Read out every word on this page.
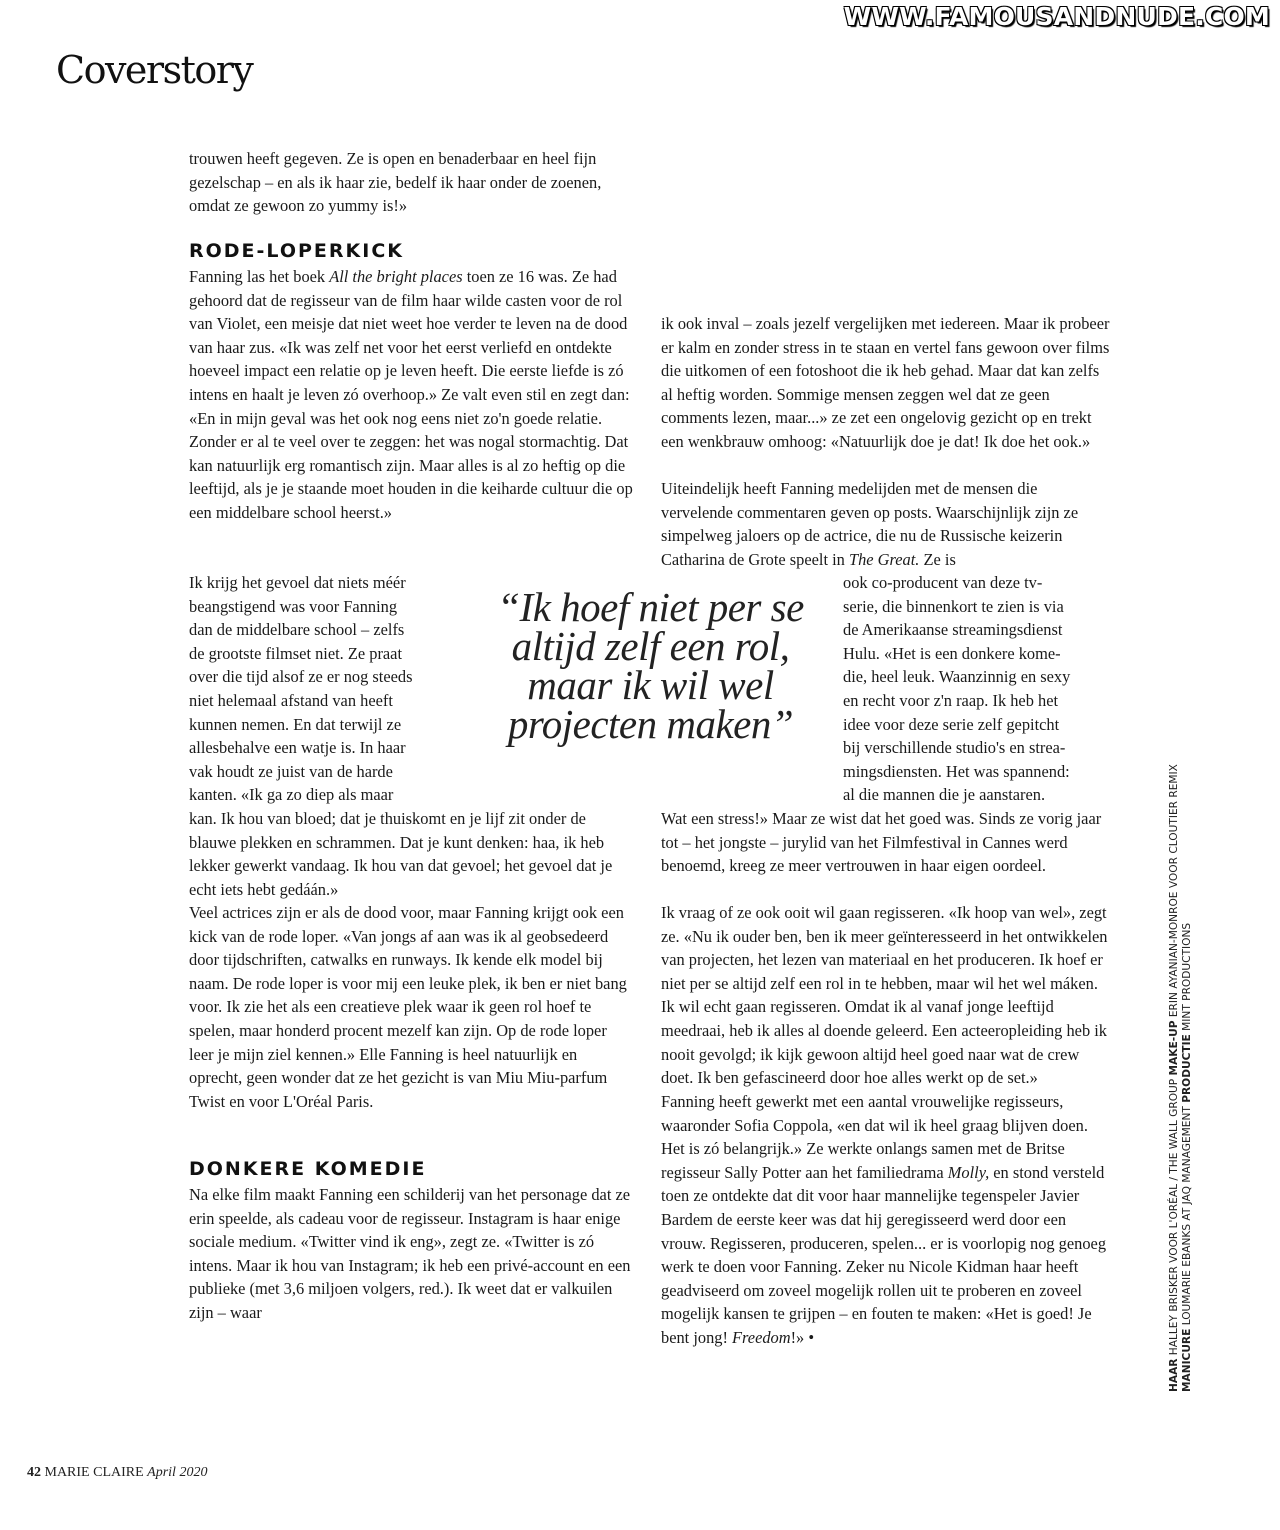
WWW.FAMOUSANDNUDE.COM
Coverstory

trouwen heeft gegeven. Ze is open en benaderbaar en heel fijn gezelschap – en als ik haar zie, bedelf ik haar onder de zoenen, omdat ze gewoon zo yummy is!»

RODE-LOPERKICK

Fanning las het boek All the bright places toen ze 16 was. Ze had gehoord dat de regisseur van de film haar wilde casten voor de rol van Violet, een meisje dat niet weet hoe verder te leven na de dood van haar zus. «Ik was zelf net voor het eerst verliefd en ontdekte hoeveel impact een relatie op je leven heeft. Die eerste liefde is zó intens en haalt je leven zó overhoop.» Ze valt even stil en zegt dan: «En in mijn geval was het ook nog eens niet zo'n goede relatie. Zonder er al te veel over te zeggen: het was nogal stormachtig. Dat kan natuurlijk erg romantisch zijn. Maar alles is al zo heftig op die leeftijd, als je je staande moet houden in die keiharde cultuur die op een middelbare school heerst.»

Ik krijg het gevoel dat niets méér
beangstigend was voor Fanning
dan de middelbare school – zelfs
de grootste filmset niet. Ze praat
over die tijd alsof ze er nog steeds
niet helemaal afstand van heeft
kunnen nemen. En dat terwijl ze
allesbehalve een watje is. In haar
vak houdt ze juist van de harde
kanten. «Ik ga zo diep als maar

kan. Ik hou van bloed; dat je thuiskomt en je lijf zit onder de blauwe plekken en schrammen. Dat je kunt denken: haa, ik heb lekker gewerkt vandaag. Ik hou van dat gevoel; het gevoel dat je echt iets hebt gedáán.»

Veel actrices zijn er als de dood voor, maar Fanning krijgt ook een kick van de rode loper. «Van jongs af aan was ik al geobsedeerd door tijdschriften, catwalks en runways. Ik kende elk model bij naam. De rode loper is voor mij een leuke plek, ik ben er niet bang voor. Ik zie het als een creatieve plek waar ik geen rol hoef te spelen, maar honderd procent mezelf kan zijn. Op de rode loper leer je mijn ziel kennen.» Elle Fanning is heel natuurlijk en oprecht, geen wonder dat ze het gezicht is van Miu Miu-parfum Twist en voor L'Oréal Paris.

DONKERE KOMEDIE

Na elke film maakt Fanning een schilderij van het personage dat ze erin speelde, als cadeau voor de regisseur. Instagram is haar enige sociale medium. «Twitter vind ik eng», zegt ze. «Twitter is zó intens. Maar ik hou van Instagram; ik heb een privé-account en een publieke (met 3,6 miljoen volgers, red.). Ik weet dat er valkuilen zijn – waar

“Ik hoef niet per se altijd zelf een rol, maar ik wil wel projecten maken”

ik ook inval – zoals jezelf vergelijken met iedereen. Maar ik probeer er kalm en zonder stress in te staan en vertel fans gewoon over films die uitkomen of een fotoshoot die ik heb gehad. Maar dat kan zelfs al heftig worden. Sommige mensen zeggen wel dat ze geen comments lezen, maar...» ze zet een ongelovig gezicht op en trekt een wenkbrauw omhoog: «Natuurlijk doe je dat! Ik doe het ook.»

Uiteindelijk heeft Fanning medelijden met de mensen die vervelende commentaren geven op posts. Waarschijnlijk zijn ze simpelweg jaloers op de actrice, die nu de Russische keizerin Catharina de Grote speelt in The Great. Ze is

ook co-producent van deze tv-
serie, die binnenkort te zien is via
de Amerikaanse streamingsdienst
Hulu. «Het is een donkere kome-
die, heel leuk. Waanzinnig en sexy
en recht voor z'n raap. Ik heb het
idee voor deze serie zelf gepitcht
bij verschillende studio's en strea-
mingsdiensten. Het was spannend:
al die mannen die je aanstaren.

Wat een stress!» Maar ze wist dat het goed was. Sinds ze vorig jaar tot – het jongste – jurylid van het Filmfestival in Cannes werd benoemd, kreeg ze meer vertrouwen in haar eigen oordeel.

Ik vraag of ze ook ooit wil gaan regisseren. «Ik hoop van wel», zegt ze. «Nu ik ouder ben, ben ik meer geïnteresseerd in het ontwikkelen van projecten, het lezen van materiaal en het produceren. Ik hoef er niet per se altijd zelf een rol in te hebben, maar wil het wel máken. Ik wil echt gaan regisseren. Omdat ik al vanaf jonge leeftijd meedraai, heb ik alles al doende geleerd. Een acteeropleiding heb ik nooit gevolgd; ik kijk gewoon altijd heel goed naar wat de crew doet. Ik ben gefascineerd door hoe alles werkt op de set.»

Fanning heeft gewerkt met een aantal vrouwelijke regisseurs, waaronder Sofia Coppola, «en dat wil ik heel graag blijven doen. Het is zó belangrijk.» Ze werkte onlangs samen met de Britse regisseur Sally Potter aan het familiedrama Molly, en stond versteld toen ze ontdekte dat dit voor haar mannelijke tegenspeler Javier Bardem de eerste keer was dat hij geregisseerd werd door een vrouw. Regisseren, produceren, spelen... er is voorlopig nog genoeg werk te doen voor Fanning. Zeker nu Nicole Kidman haar heeft geadviseerd om zoveel mogelijk rollen uit te proberen en zoveel mogelijk kansen te grijpen – en fouten te maken: «Het is goed! Je bent jong! Freedom!» •

HAAR HALLEY BRISKER VOOR L'ORÉAL / THE WALL GROUP MAKE-UP ERIN AYANIAN-MONROE VOOR CLOUTIER REMIX
MANICURE LOUMARIE EBANKS AT JAQ MANAGEMENT PRODUCTIE MINT PRODUCTIONS
42 MARIE CLAIRE April 2020
